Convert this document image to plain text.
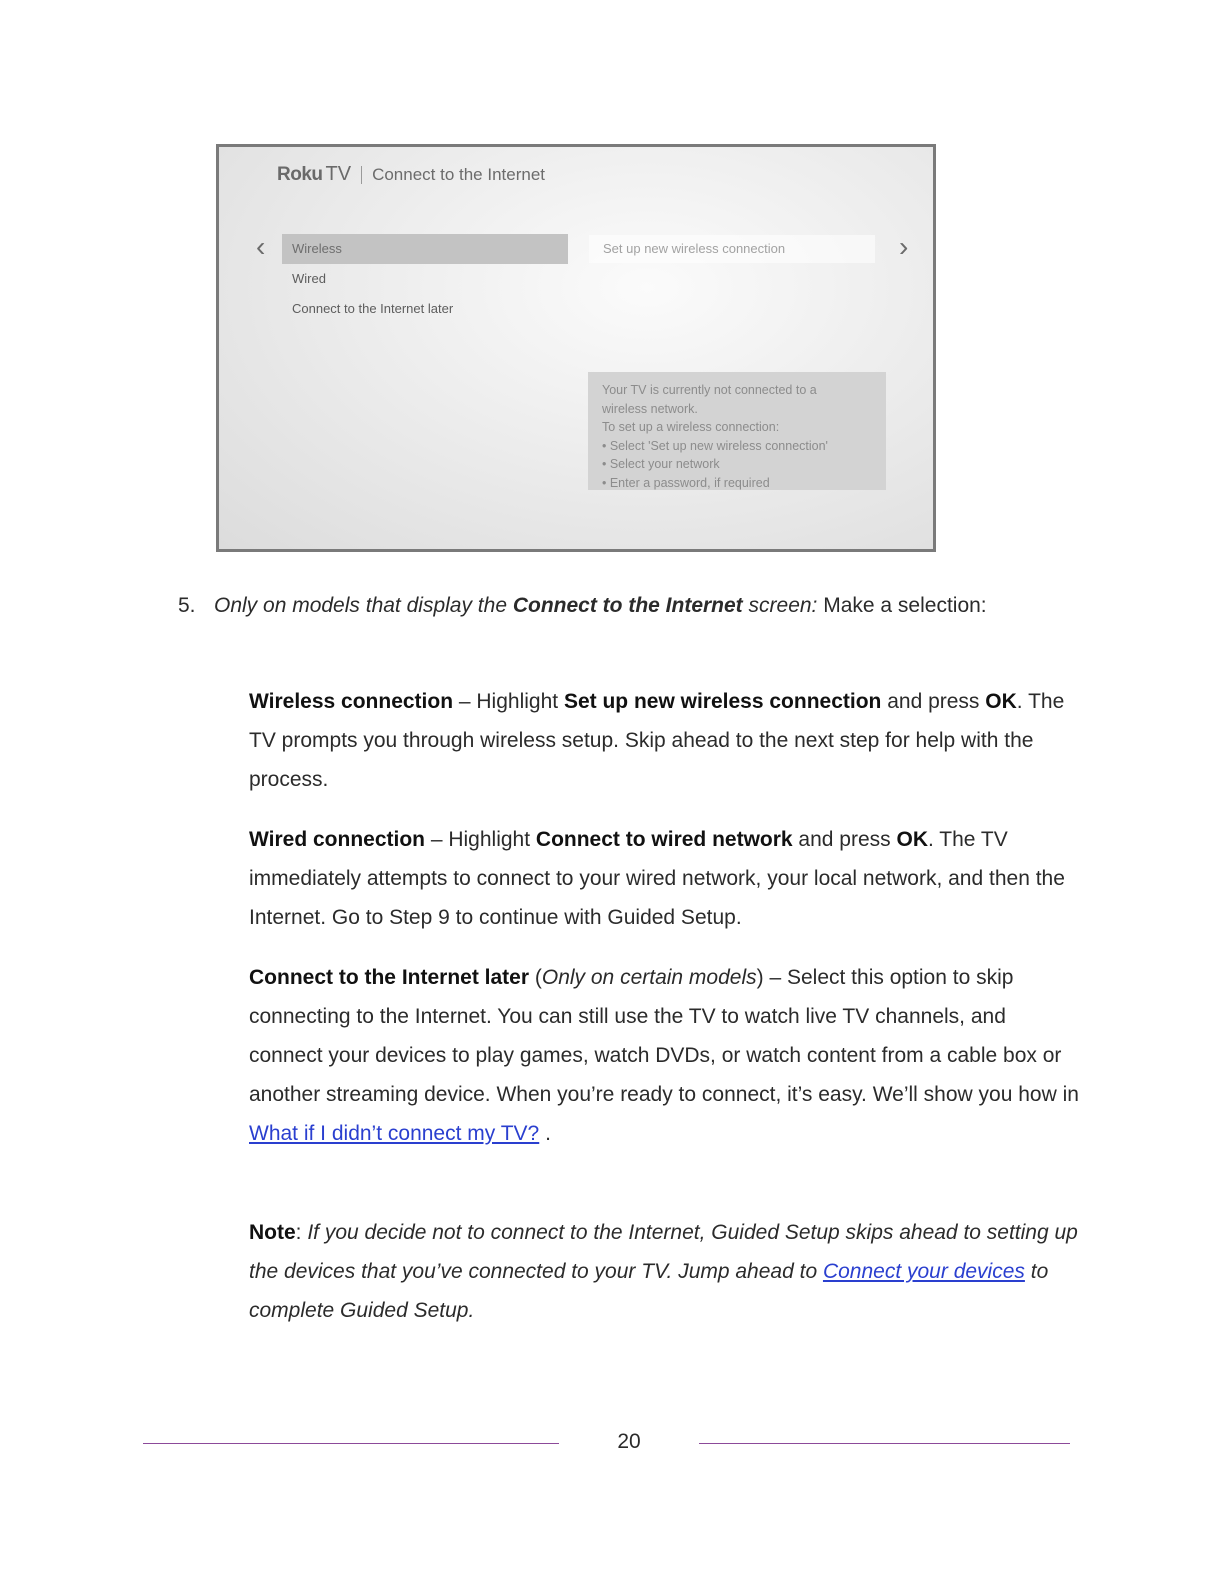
Roku TV Connect to the Internet
‹	›
Wireless
Wired
Connect to the Internet later
Set up new wireless connection
Your TV is currently not connected to a
wireless network.
To set up a wireless connection:
• Select 'Set up new wireless connection'
• Select your network
• Enter a password, if required
5. Only on models that display the Connect to the Internet screen: Make a selection:
Wireless connection – Highlight Set up new wireless connection and press OK. The TV prompts you through wireless setup. Skip ahead to the next step for help with the process.
Wired connection – Highlight Connect to wired network and press OK. The TV immediately attempts to connect to your wired network, your local network, and then the Internet. Go to Step 9 to continue with Guided Setup.
Connect to the Internet later (Only on certain models) – Select this option to skip connecting to the Internet. You can still use the TV to watch live TV channels, and connect your devices to play games, watch DVDs, or watch content from a cable box or another streaming device. When you’re ready to connect, it’s easy. We’ll show you how in What if I didn’t connect my TV? .
Note: If you decide not to connect to the Internet, Guided Setup skips ahead to setting up the devices that you’ve connected to your TV. Jump ahead to Connect your devices to complete Guided Setup.
20
